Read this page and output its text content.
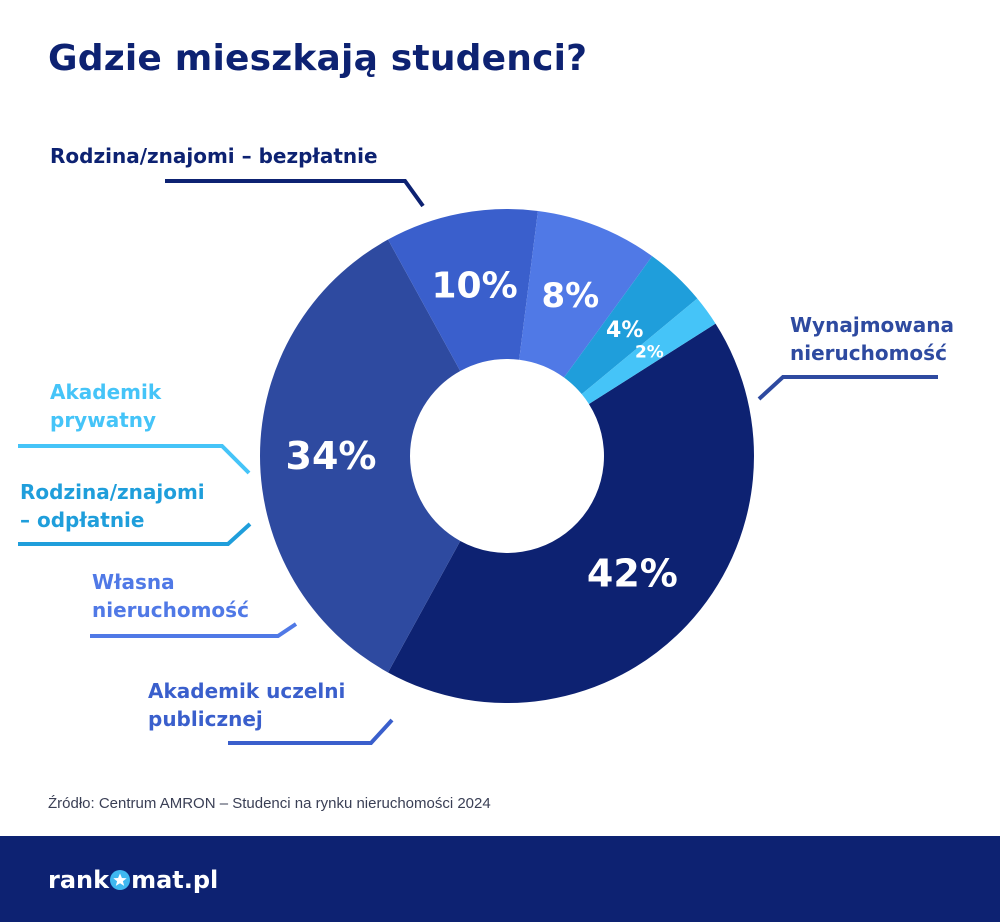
Gdzie mieszkają studenci?
42%
34%
10% 8%
4%
2%
Rodzina/znajomi – bezpłatnie
Wynajmowana
nieruchomość
Akademik uczelni
publicznej
Własna
nieruchomość
Rodzina/znajomi
– odpłatnie
Akademik
prywatny

Źródło: Centrum AMRON – Studenci na rynku nieruchomości 2024

rank mat.pl
